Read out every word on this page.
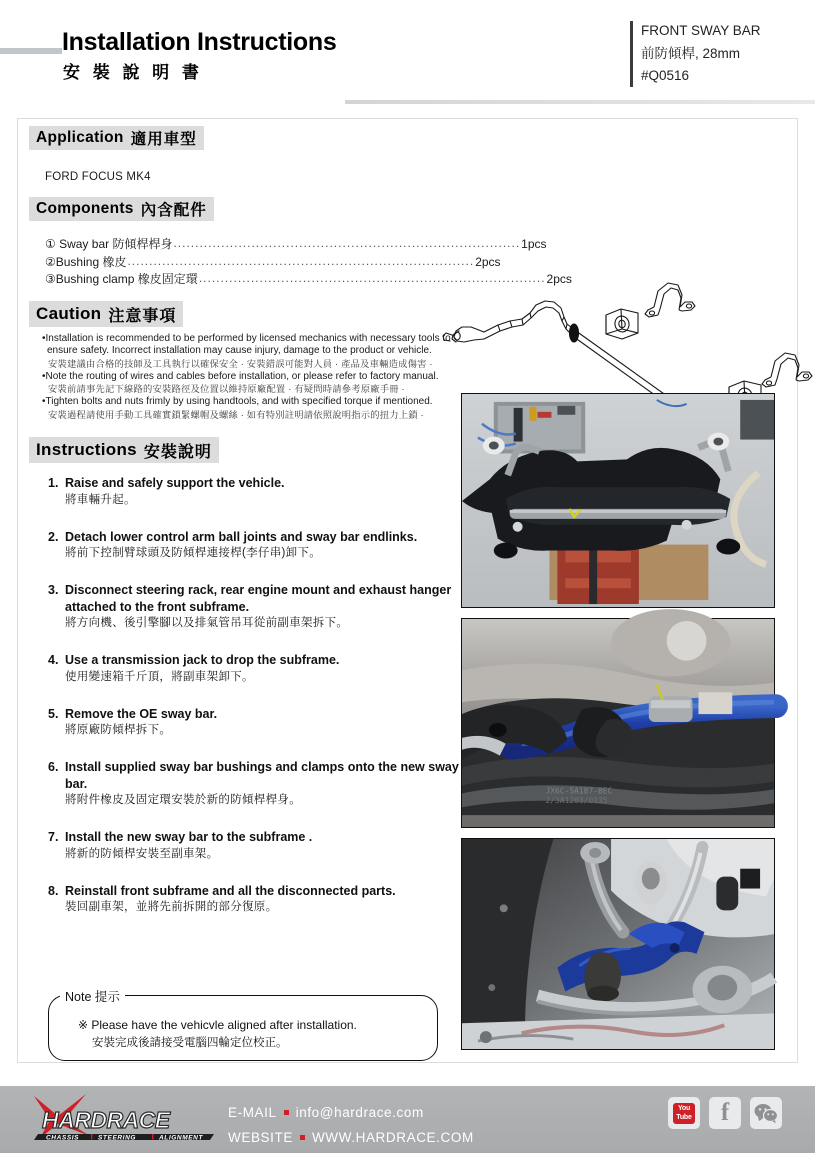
Installation Instructions
安 裝 說 明 書
FRONT SWAY BAR
前防傾桿, 28mm
#Q0516
Application 適用車型
FORD FOCUS MK4
Components 內含配件
① Sway bar 防傾桿桿身 ................................................................................ 1pcs
②Bushing 橡皮 ................................................................................ 2pcs
③Bushing clamp 橡皮固定環 ................................................................................ 2pcs
Caution 注意事項
•Installation is recommended to be performed by licensed mechanics with necessary tools to ensure safety. Incorrect installation may cause injury, damage to the product or vehicle.
安裝建議由合格的技師及工具執行以確保安全 · 安裝錯誤可能對人員 · 產品及車輛造成傷害 ·
•Note the routing of wires and cables before installation, or please refer to factory manual.
安裝前請事先記下線路的安裝路徑及位置以維持原廠配置 · 有疑問時請參考原廠手冊 ·
•Tighten bolts and nuts frimly by using handtools, and with specified torque if mentioned.
安裝過程請使用手動工具確實鎖緊螺帽及螺絲 · 如有特別註明請依照說明指示的扭力上鎖 ·
Instructions 安裝說明
1. Raise and safely support the vehicle.
將車輛升起。
2. Detach lower control arm ball joints and sway bar endlinks.
將前下控制臂球頭及防傾桿連接桿(李仔串)卸下。
3. Disconnect steering rack, rear engine mount and exhaust hanger attached to the front subframe.
將方向機、後引擎腳以及排氣管吊耳從前副車架拆下。
4. Use a transmission jack to drop the subframe.
使用變速箱千斤頂，將副車架卸下。
5. Remove the OE sway bar.
將原廠防傾桿拆下。
6. Install supplied sway bar bushings and clamps onto the new sway bar.
將附件橡皮及固定環安裝於新的防傾桿桿身。
7. Install the new sway bar to the subframe .
將新的防傾桿安裝至副車架。
8. Reinstall front subframe and all the disconnected parts.
裝回副車架，並將先前拆開的部分復原。
Note 提示
※ Please have the vehicvle aligned after installation.
安裝完成後請接受電腦四輪定位校正。
JX6C-5A187-BEC
2/3A1203/0135
HARDRACE
CHASSIS	STEERING	ALIGNMENT
E-MAIL info@hardrace.com
WEBSITE WWW.HARDRACE.COM
You
Tube f
